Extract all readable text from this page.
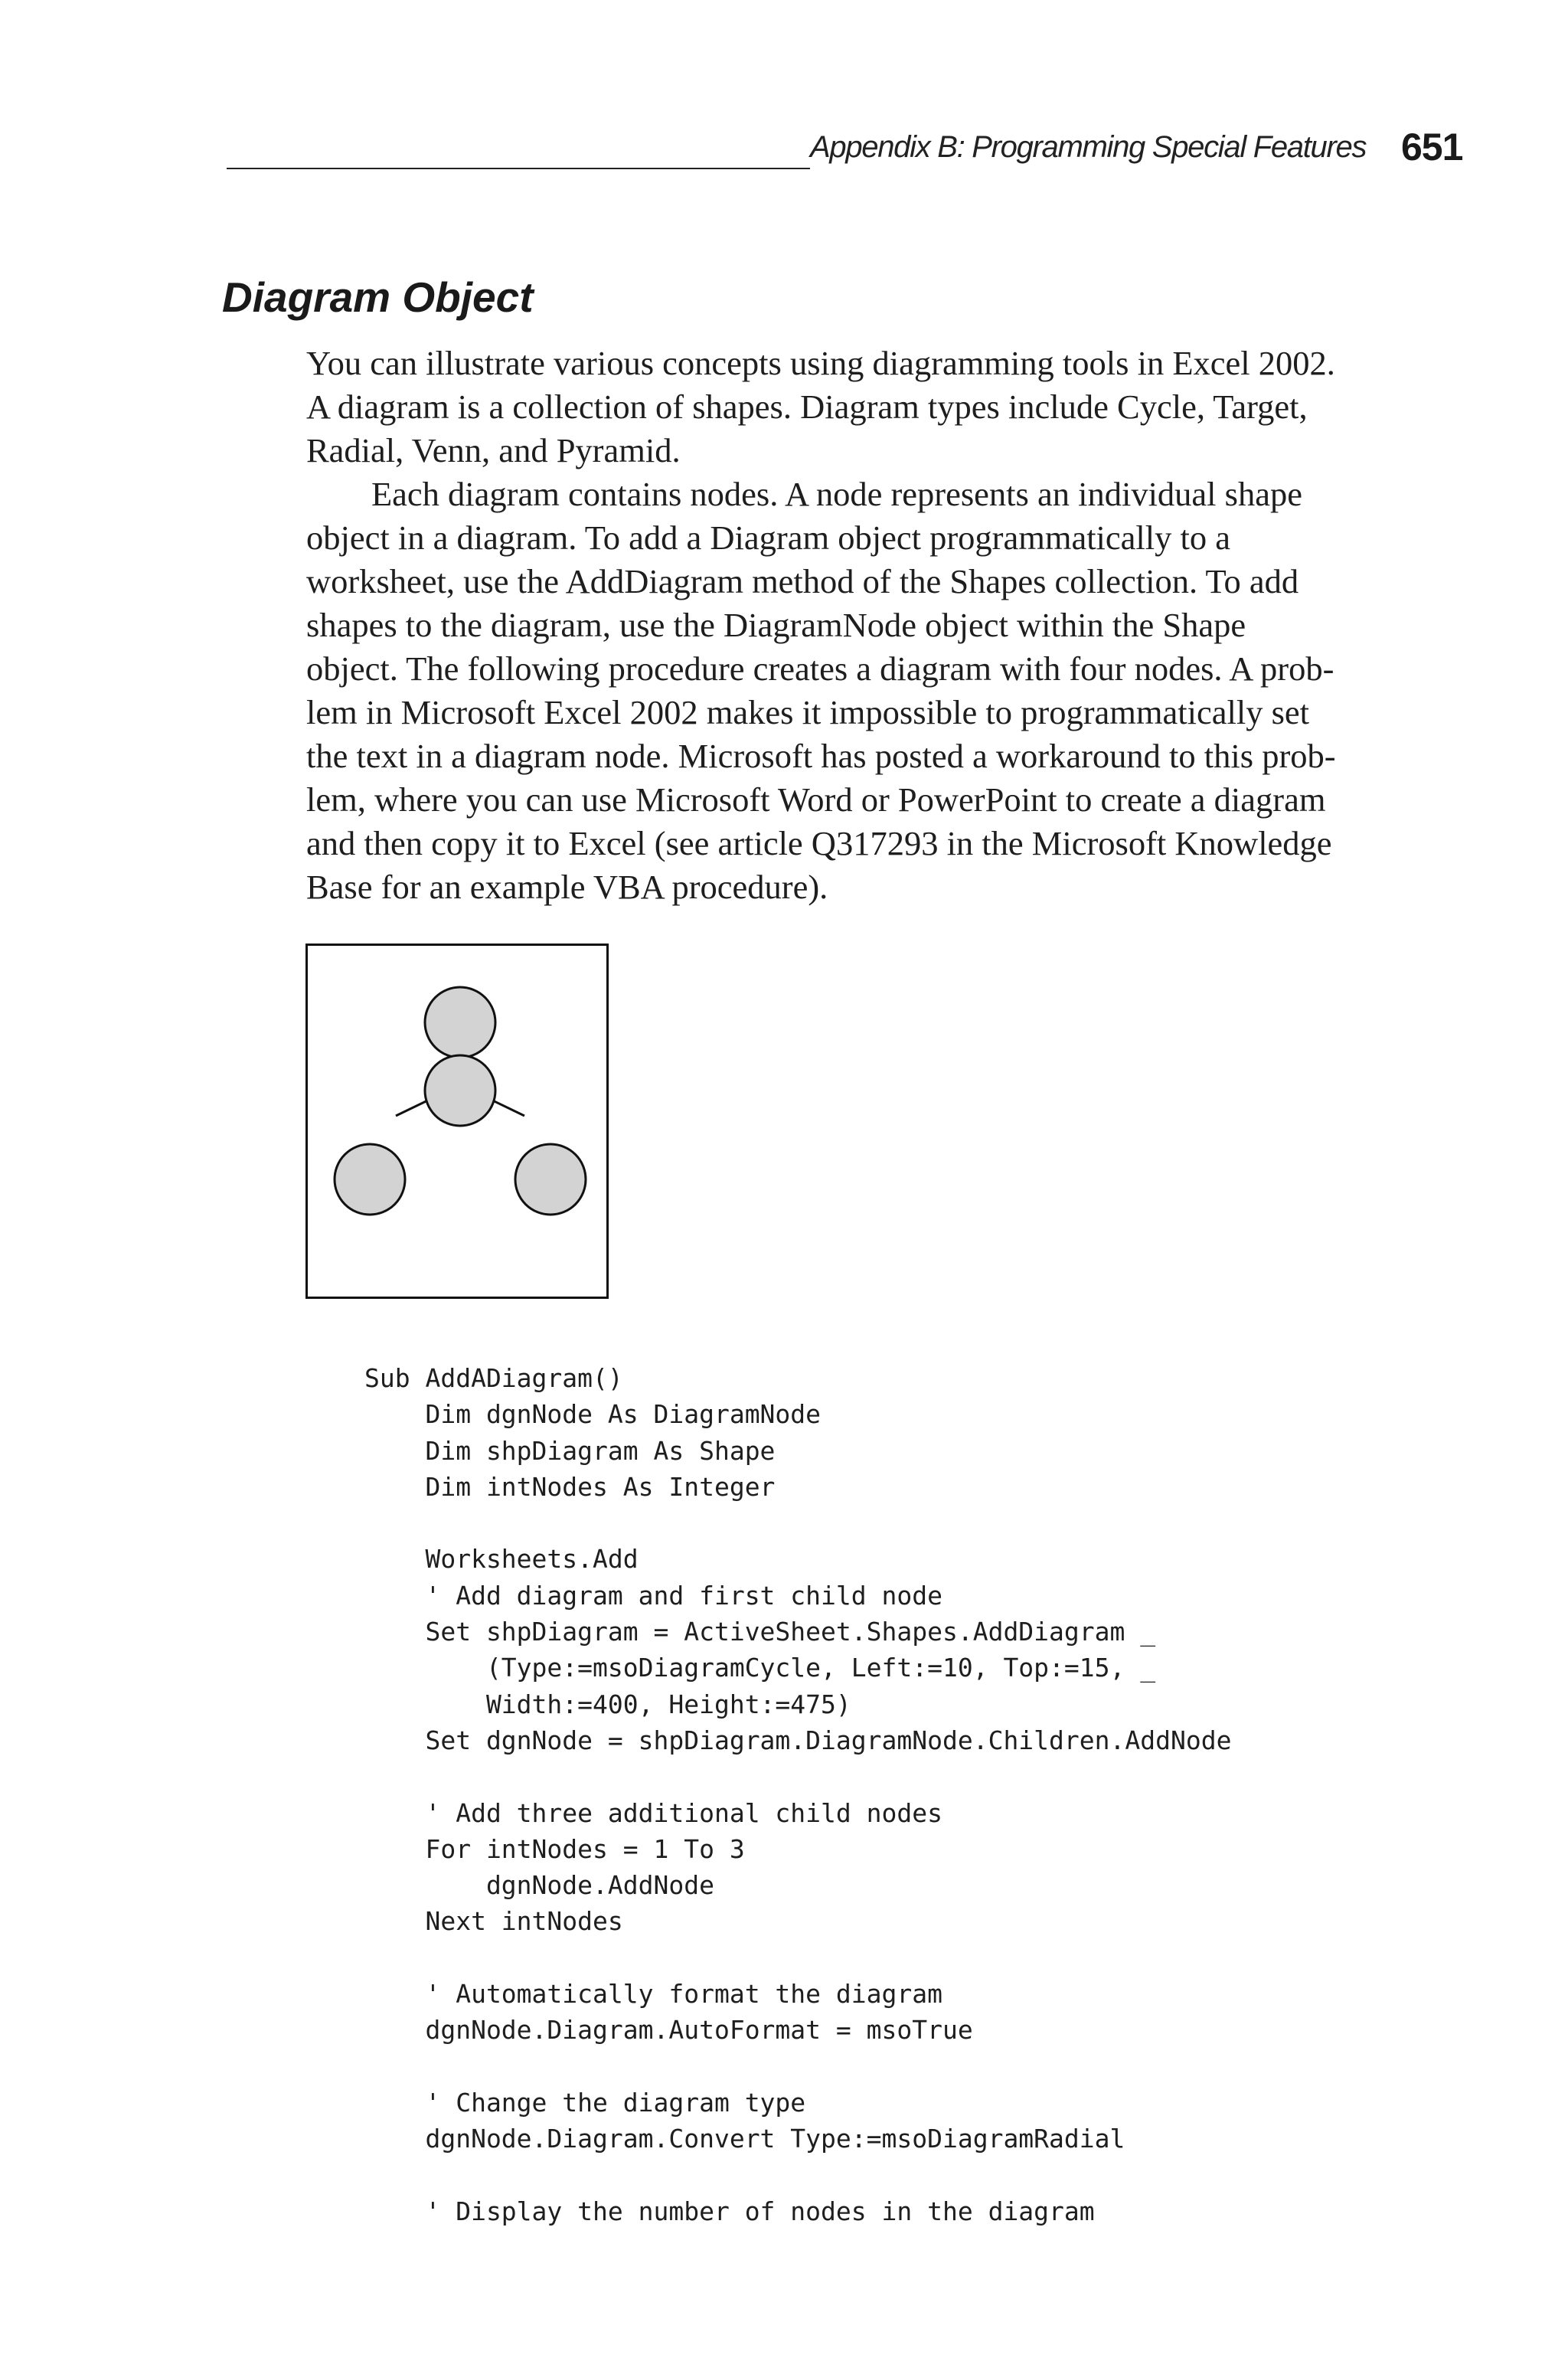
Appendix B: Programming Special Features 651
Diagram Object

You can illustrate various concepts using diagramming tools in Excel 2002.
A diagram is a collection of shapes. Diagram types include Cycle, Target,
Radial, Venn, and Pyramid.

Each diagram contains nodes. A node represents an individual shape
object in a diagram. To add a Diagram object programmatically to a
worksheet, use the AddDiagram method of the Shapes collection. To add
shapes to the diagram, use the DiagramNode object within the Shape
object. The following procedure creates a diagram with four nodes. A prob-
lem in Microsoft Excel 2002 makes it impossible to programmatically set
the text in a diagram node. Microsoft has posted a workaround to this prob-
lem, where you can use Microsoft Word or PowerPoint to create a diagram
and then copy it to Excel (see article Q317293 in the Microsoft Knowledge
Base for an example VBA procedure).

Sub AddADiagram()
Dim dgnNode As DiagramNode
Dim shpDiagram As Shape
Dim intNodes As Integer
Worksheets.Add
' Add diagram and first child node
Set shpDiagram = ActiveSheet.Shapes.AddDiagram _
(Type:=msoDiagramCycle, Left:=10, Top:=15, _
Width:=400, Height:=475)
Set dgnNode = shpDiagram.DiagramNode.Children.AddNode
' Add three additional child nodes
For intNodes = 1 To 3
dgnNode.AddNode
Next intNodes
' Automatically format the diagram
dgnNode.Diagram.AutoFormat = msoTrue
' Change the diagram type
dgnNode.Diagram.Convert Type:=msoDiagramRadial
' Display the number of nodes in the diagram
